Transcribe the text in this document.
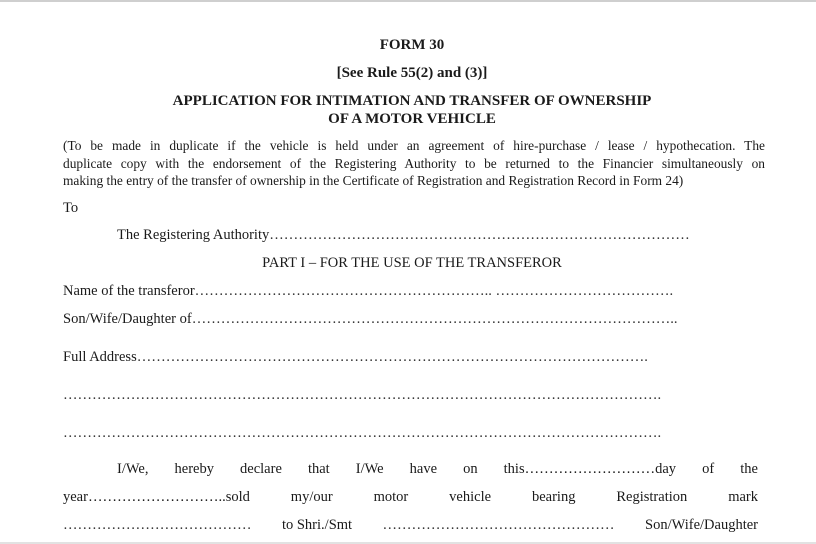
FORM 30
[See Rule 55(2) and (3)]
APPLICATION FOR INTIMATION AND TRANSFER OF OWNERSHIP
OF A MOTOR VEHICLE
(To be made in duplicate if the vehicle is held under an agreement of hire-purchase / lease / hypothecation. The
duplicate copy with the endorsement of the Registering Authority to be returned to the Financier simultaneously on
making the entry of the transfer of ownership in the Certificate of Registration and Registration Record in Form 24)
To
The Registering Authority……………………………………………………………………………
PART I – FOR THE USE OF THE TRANSFEROR
Name of the transferor…………………………………………………….. ……………………………….
Son/Wife/Daughter of………………………………………………………………………………………..
Full Address…………………………………………………………………………………………….
…………………………………………………………………………………………………………….
…………………………………………………………………………………………………………….
I/We, hereby declare that I/We have on this………………………day of the
year………………………..sold	my/our	motor	vehicle	bearing	Registration	mark
………………………………… to Shri./Smt ………………………………………… Son/Wife/Daughter
